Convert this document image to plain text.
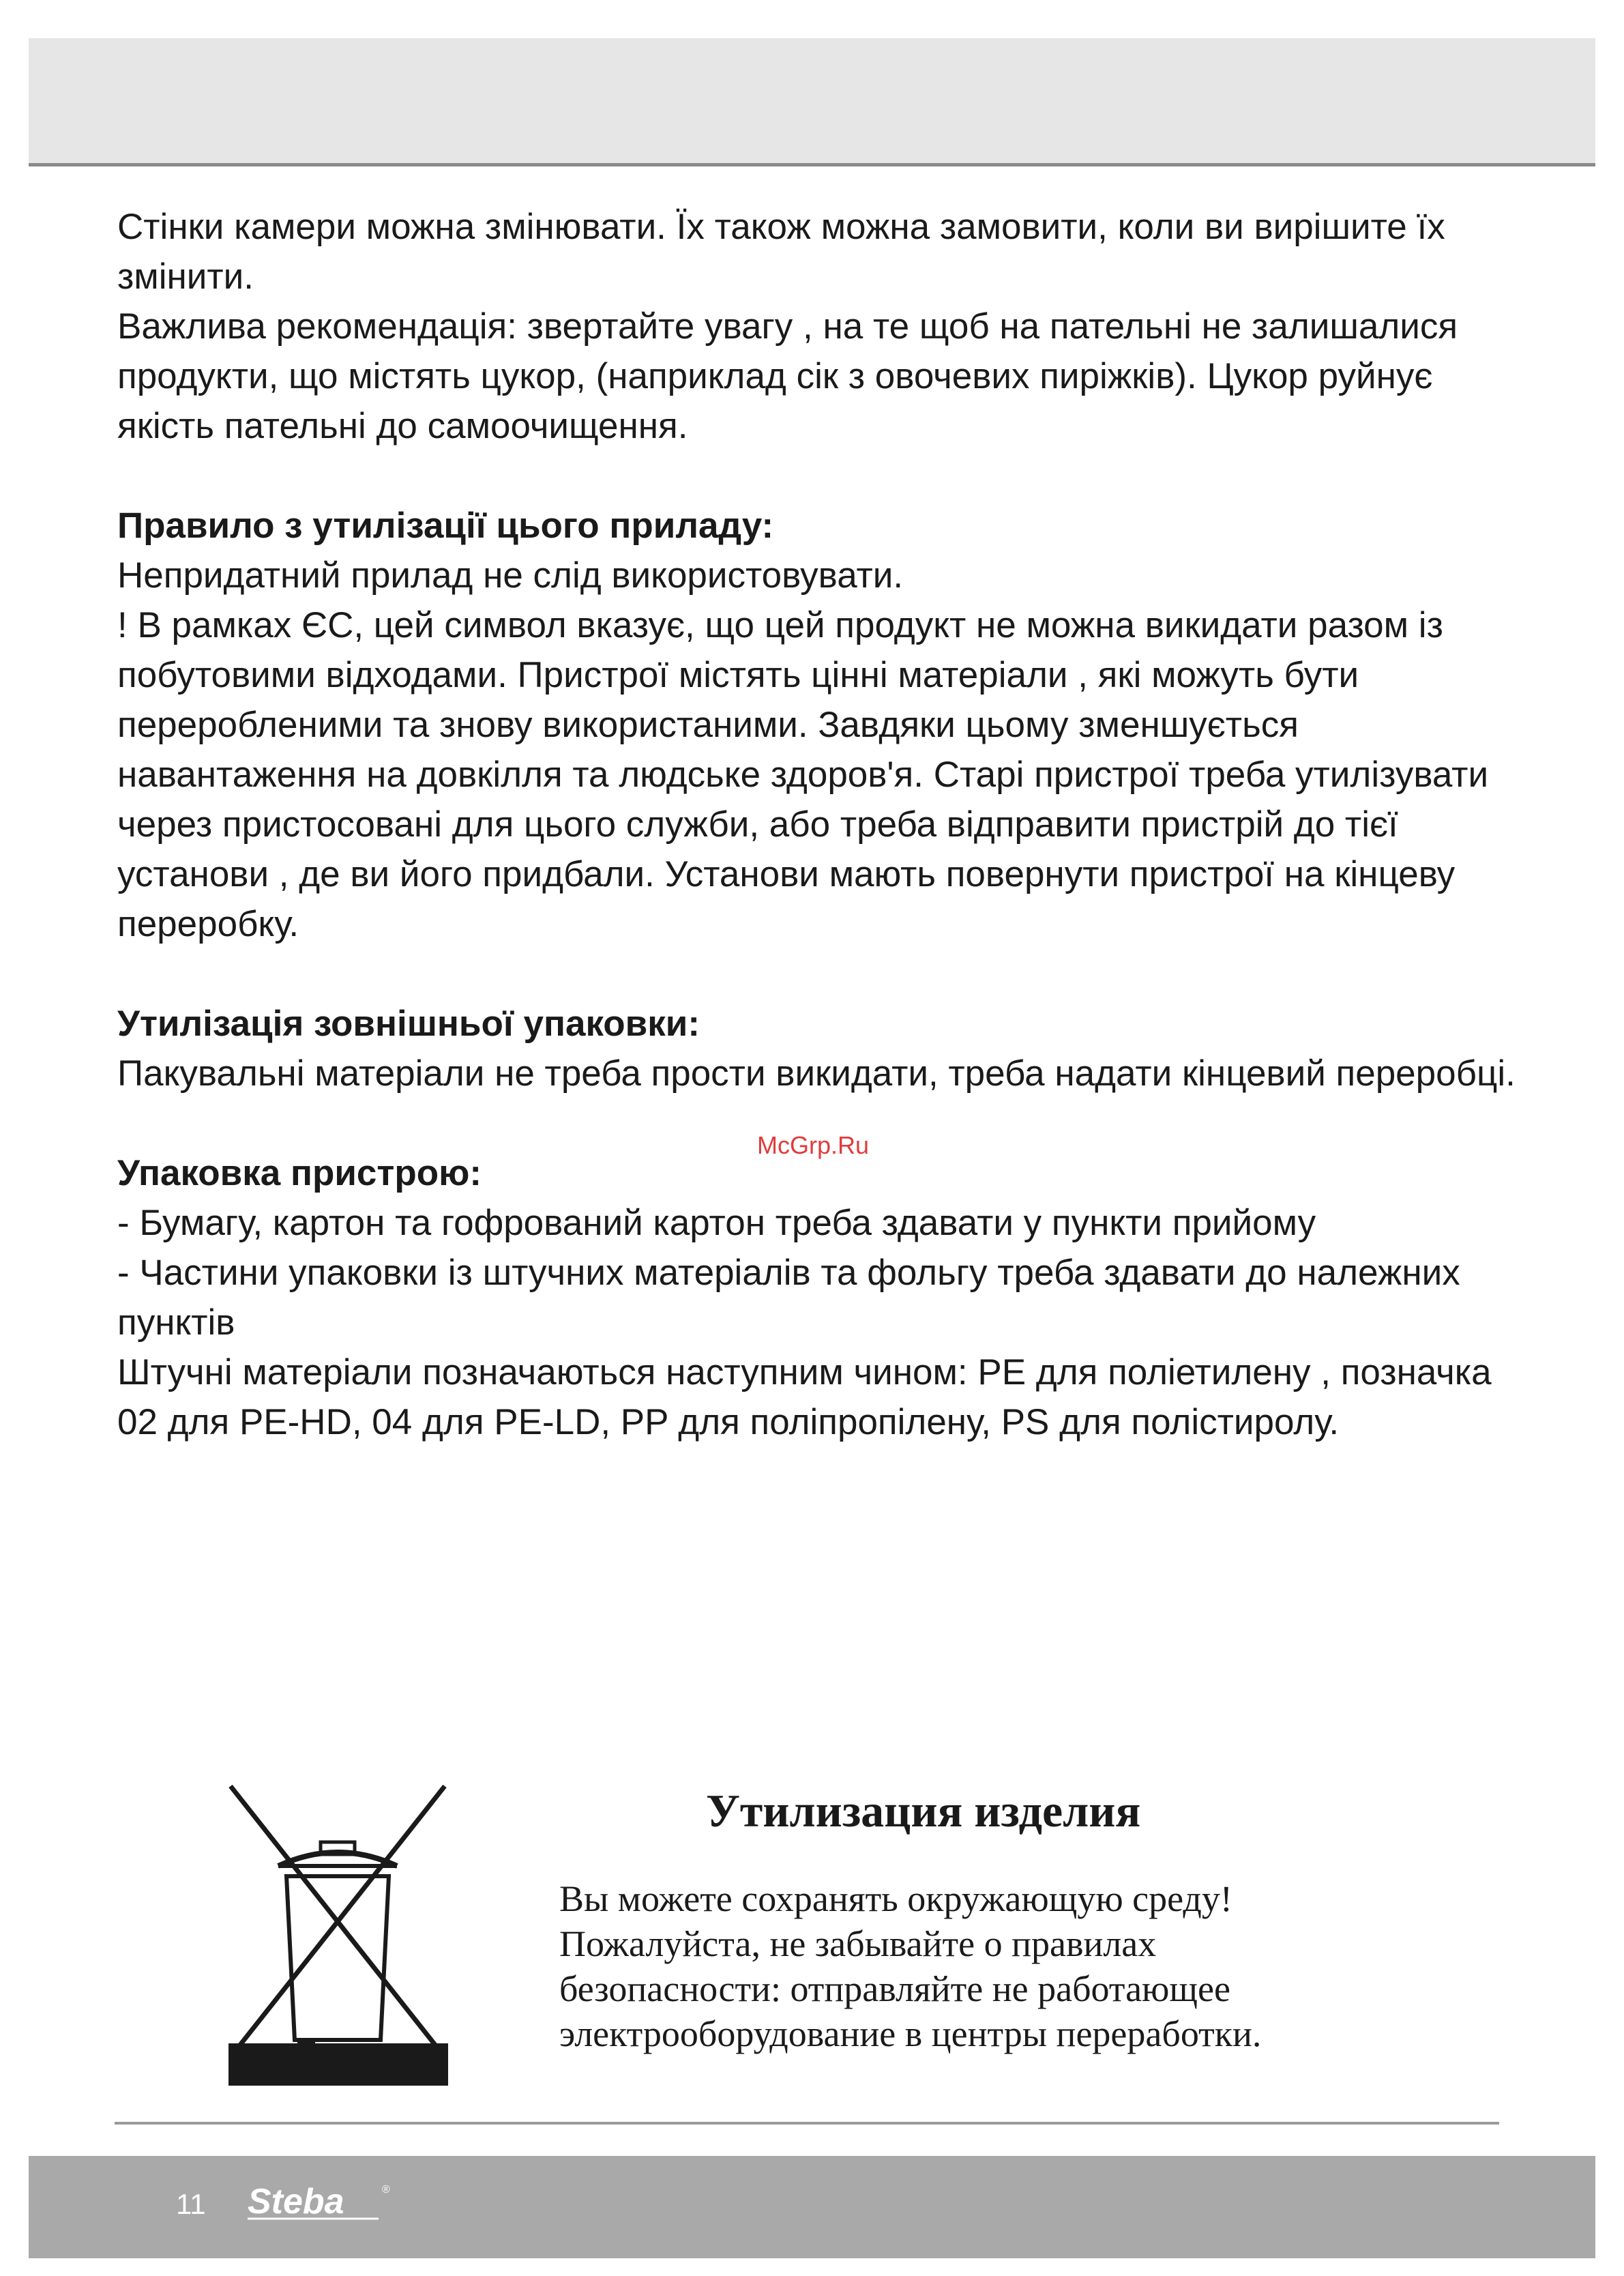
Стінки камери можна змінювати. Їх також можна замовити, коли ви вирішите їх змінити.

Важлива рекомендація: звертайте увагу , на те щоб на пательні не залишалися продукти, що містять цукор, (наприклад сік з овочевих пиріжків). Цукор руйнує якість пательні до самоочищення.

Правило з утилізації цього приладу:

Непридатний прилад не слід використовувати.

! В рамках ЄС, цей символ вказує, що цей продукт не можна викидати разом із побутовими відходами. Пристрої містять цінні матеріали , які можуть бути переробленими та знову використаними. Завдяки цьому зменшується навантаження на довкілля та людське здоров'я. Старі пристрої треба утилізувати через пристосовані для цього служби, або треба відправити пристрій до тієї установи , де ви його придбали. Установи мають повернути пристрої на кінцеву переробку.

Утилізація зовнішньої упаковки:

Пакувальні матеріали не треба прости викидати, треба надати кінцевий переробці.

Упаковка пристрою:

- Бумагу, картон та гофрований картон треба здавати у пункти прийому

- Частини упаковки із штучних матеріалів та фольгу треба здавати до належних пунктів

Штучні матеріали позначаються наступним чином: PE для поліетилену , позначка 02 для PE-HD, 04 для PE-LD, PP для поліпропілену, PS для полістиролу.

McGrp.Ru
Утилизация изделия

Вы можете сохранять окружающую среду!

Пожалуйста, не забывайте о правилах

безопасности: отправляйте не работающее

электрооборудование в центры переработки.

11 Steba	®
